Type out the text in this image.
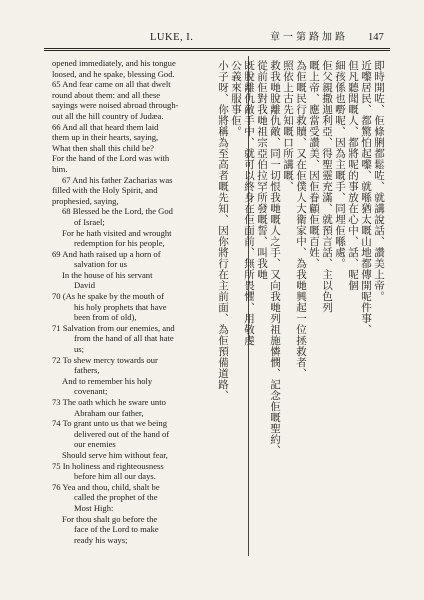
LUKE, I.	章一第路加路 147
opened immediately, and his tongue
loosed, and he spake, blessing God.
65 And fear came on all that dwelt
round about them: and all these
sayings were noised abroad through-
out all the hill country of Judæa.
66 And all that heard them laid
them up in their hearts, saying,
What then shall this child be?
For the hand of the Lord was with
him.
67 And his father Zacharias was
filled with the Holy Spirit, and
prophesied, saying,
68 Blessed be the Lord, the God
of Israel;
For he hath visited and wrought
redemption for his people,
69 And hath raised up a horn of
salvation for us
In the house of his servant
David
70 (As he spake by the mouth of
his holy prophets that have
been from of old),
71 Salvation from our enemies, and
from the hand of all that hate
us;
72 To shew mercy towards our
fathers,
And to remember his holy
covenant;
73 The oath which he sware unto
Abraham our father,
74 To grant unto us that we being
delivered out of the hand of
our enemies
Should serve him without fear,
75 In holiness and righteousness
before him all our days.
76 Yea and thou, child, shalt be
called the prophet of the
Most High:
For thou shalt go before the
face of the Lord to make
ready his ways;
即時開咗、佢條脷都鬆咗、就講說話、讚美上帝。
近嚟居民、都驚怕起嚟、就喺猶太嘅山地都傳開呢件事、
但凡聽聞嘅人、都將呢的事放在心中、話、呢個
細孩係也嘢呢、因為主嘅手、同埋佢喺處。
佢父親撒迦利亞、得聖靈充滿、就預言話、主以色列
嘅上帝、應當受讚美、因佢眷顧佢嘅百姓、
為佢嘅民行救贖、又在佢僕人大衛家中、為我哋興起一位拯救者、
照依上古先知嘅口所講嘅、
救我哋脫離仇敵、同一切恨我哋嘅人之手、又向我哋列祖施憐憫、記念佢嘅聖約、
從前佢對我哋祖宗亞伯拉罕所發嘅誓、叫我哋
既脫離仇敵手中、就可以終身在佢面前、無所畏懼、用敬虔
公義來服事佢。
小子呀、你將稱為至高者嘅先知、因你將行在主前面、為佢預備道路、
